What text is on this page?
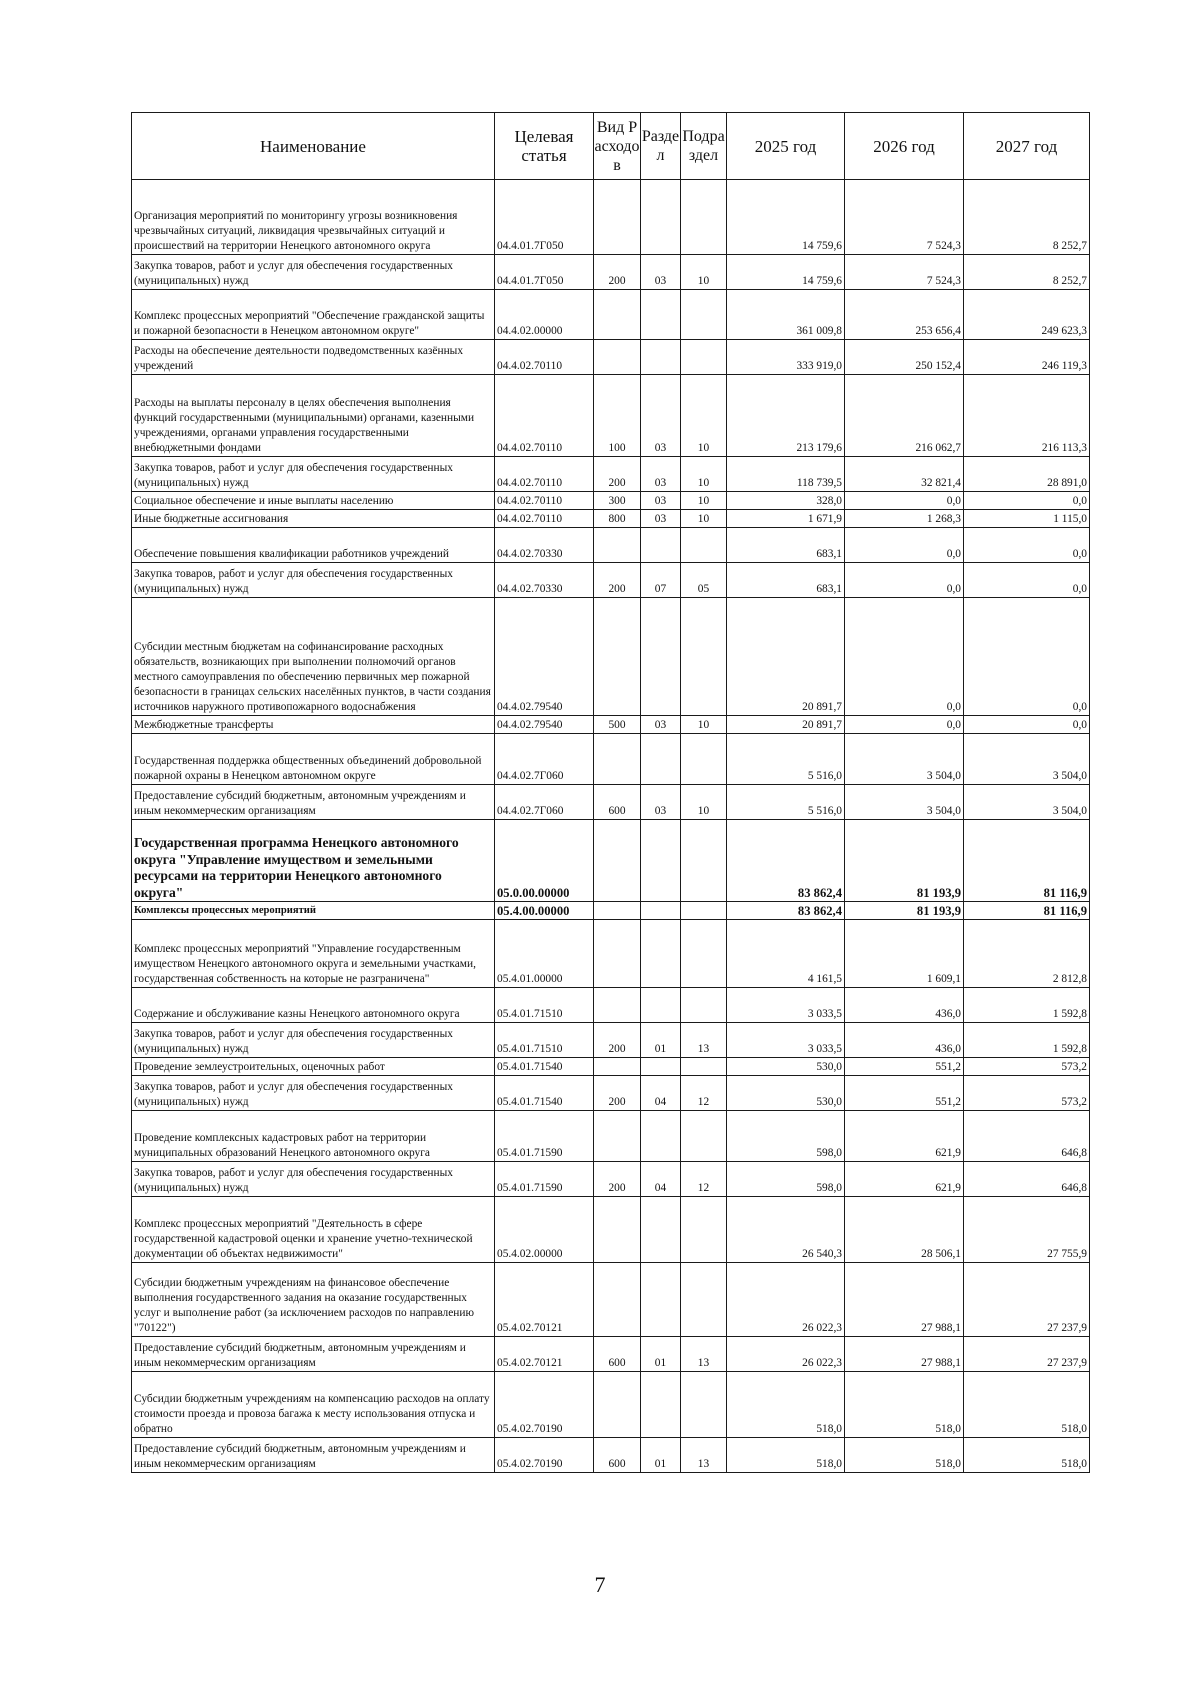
Наименование	Целевая статья	Вид Расходов	Раздел	Подраздел	2025 год	2026 год	2027 год
Организация мероприятий по мониторингу угрозы возникновения чрезвычайных ситуаций, ликвидация чрезвычайных ситуаций и происшествий на территории Ненецкого автономного округа	04.4.01.7Г050				14 759,6	7 524,3	8 252,7
Закупка товаров, работ и услуг для обеспечения государственных (муниципальных) нужд	04.4.01.7Г050	200	03	10	14 759,6	7 524,3	8 252,7
Комплекс процессных мероприятий "Обеспечение гражданской защиты и пожарной безопасности в Ненецком автономном округе"	04.4.02.00000				361 009,8	253 656,4	249 623,3
Расходы на обеспечение деятельности подведомственных казённых учреждений	04.4.02.70110				333 919,0	250 152,4	246 119,3
Расходы на выплаты персоналу в целях обеспечения выполнения функций государственными (муниципальными) органами, казенными учреждениями, органами управления государственными внебюджетными фондами	04.4.02.70110	100	03	10	213 179,6	216 062,7	216 113,3
Закупка товаров, работ и услуг для обеспечения государственных (муниципальных) нужд	04.4.02.70110	200	03	10	118 739,5	32 821,4	28 891,0
Социальное обеспечение и иные выплаты населению	04.4.02.70110	300	03	10	328,0	0,0	0,0
Иные бюджетные ассигнования	04.4.02.70110	800	03	10	1 671,9	1 268,3	1 115,0
Обеспечение повышения квалификации работников учреждений	04.4.02.70330				683,1	0,0	0,0
Закупка товаров, работ и услуг для обеспечения государственных (муниципальных) нужд	04.4.02.70330	200	07	05	683,1	0,0	0,0
Субсидии местным бюджетам на софинансирование расходных обязательств, возникающих при выполнении полномочий органов местного самоуправления по обеспечению первичных мер пожарной безопасности в границах сельских населённых пунктов, в части создания источников наружного противопожарного водоснабжения	04.4.02.79540				20 891,7	0,0	0,0
Межбюджетные трансферты	04.4.02.79540	500	03	10	20 891,7	0,0	0,0
Государственная поддержка общественных объединений добровольной пожарной охраны в Ненецком автономном округе	04.4.02.7Г060				5 516,0	3 504,0	3 504,0
Предоставление субсидий бюджетным, автономным учреждениям и иным некоммерческим организациям	04.4.02.7Г060	600	03	10	5 516,0	3 504,0	3 504,0
Государственная программа Ненецкого автономного округа "Управление имуществом и земельными ресурсами на территории Ненецкого автономного округа"	05.0.00.00000				83 862,4	81 193,9	81 116,9
Комплексы процессных мероприятий	05.4.00.00000				83 862,4	81 193,9	81 116,9
Комплекс процессных мероприятий "Управление государственным имуществом Ненецкого автономного округа и земельными участками, государственная собственность на которые не разграничена"	05.4.01.00000				4 161,5	1 609,1	2 812,8
Содержание и обслуживание казны Ненецкого автономного округа	05.4.01.71510				3 033,5	436,0	1 592,8
Закупка товаров, работ и услуг для обеспечения государственных (муниципальных) нужд	05.4.01.71510	200	01	13	3 033,5	436,0	1 592,8
Проведение землеустроительных, оценочных работ	05.4.01.71540				530,0	551,2	573,2
Закупка товаров, работ и услуг для обеспечения государственных (муниципальных) нужд	05.4.01.71540	200	04	12	530,0	551,2	573,2
Проведение комплексных кадастровых работ на территории муниципальных образований Ненецкого автономного округа	05.4.01.71590				598,0	621,9	646,8
Закупка товаров, работ и услуг для обеспечения государственных (муниципальных) нужд	05.4.01.71590	200	04	12	598,0	621,9	646,8
Комплекс процессных мероприятий "Деятельность в сфере государственной кадастровой оценки и хранение учетно-технической документации об объектах недвижимости"	05.4.02.00000				26 540,3	28 506,1	27 755,9
Субсидии бюджетным учреждениям на финансовое обеспечение выполнения государственного задания на оказание государственных услуг и выполнение работ (за исключением расходов по направлению "70122")	05.4.02.70121				26 022,3	27 988,1	27 237,9
Предоставление субсидий бюджетным, автономным учреждениям и иным некоммерческим организациям	05.4.02.70121	600	01	13	26 022,3	27 988,1	27 237,9
Субсидии бюджетным учреждениям на компенсацию расходов на оплату стоимости проезда и провоза багажа к месту использования отпуска и обратно	05.4.02.70190				518,0	518,0	518,0
Предоставление субсидий бюджетным, автономным учреждениям и иным некоммерческим организациям	05.4.02.70190	600	01	13	518,0	518,0	518,0
7
